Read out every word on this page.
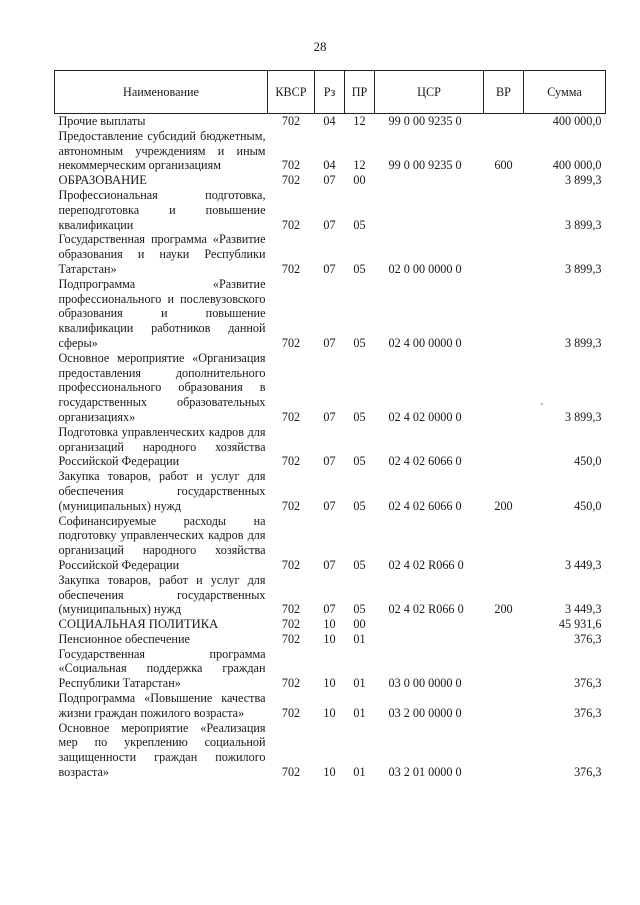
28
Наименование	КВСР	Рз	ПР	ЦСР	ВР	Сумма
Прочие выплаты	702	04	12	99 0 00 9235 0		400 000,0
Предоставление субсидий бюджетным, автономным учреждениям и иным некоммерческим организациям	702	04	12	99 0 00 9235 0	600	400 000,0
ОБРАЗОВАНИЕ	702	07	00			3 899,3
Профессиональная подготовка, переподготовка и повышение квалификации	702	07	05			3 899,3
Государственная программа «Развитие образования и науки Республики Татарстан»	702	07	05	02 0 00 0000 0		3 899,3
Подпрограмма «Развитие профессионального и послевузовского образования и повышение квалификации работников данной сферы»	702	07	05	02 4 00 0000 0		3 899,3
Основное мероприятие «Организация предоставления дополнительного профессионального образования в государственных образовательных организациях»	702	07	05	02 4 02 0000 0		3 899,3
Подготовка управленческих кадров для организаций народного хозяйства Российской Федерации	702	07	05	02 4 02 6066 0		450,0
Закупка товаров, работ и услуг для обеспечения государственных (муниципальных) нужд	702	07	05	02 4 02 6066 0	200	450,0
Софинансируемые расходы на подготовку управленческих кадров для организаций народного хозяйства Российской Федерации	702	07	05	02 4 02 R066 0		3 449,3
Закупка товаров, работ и услуг для обеспечения государственных (муниципальных) нужд	702	07	05	02 4 02 R066 0	200	3 449,3
СОЦИАЛЬНАЯ ПОЛИТИКА	702	10	00			45 931,6
Пенсионное обеспечение	702	10	01			376,3
Государственная программа «Социальная поддержка граждан Республики Татарстан»	702	10	01	03 0 00 0000 0		376,3
Подпрограмма «Повышение качества жизни граждан пожилого возраста»	702	10	01	03 2 00 0000 0		376,3
Основное мероприятие «Реализация мер по укреплению социальной защищенности граждан пожилого возраста»	702	10	01	03 2 01 0000 0		376,3
